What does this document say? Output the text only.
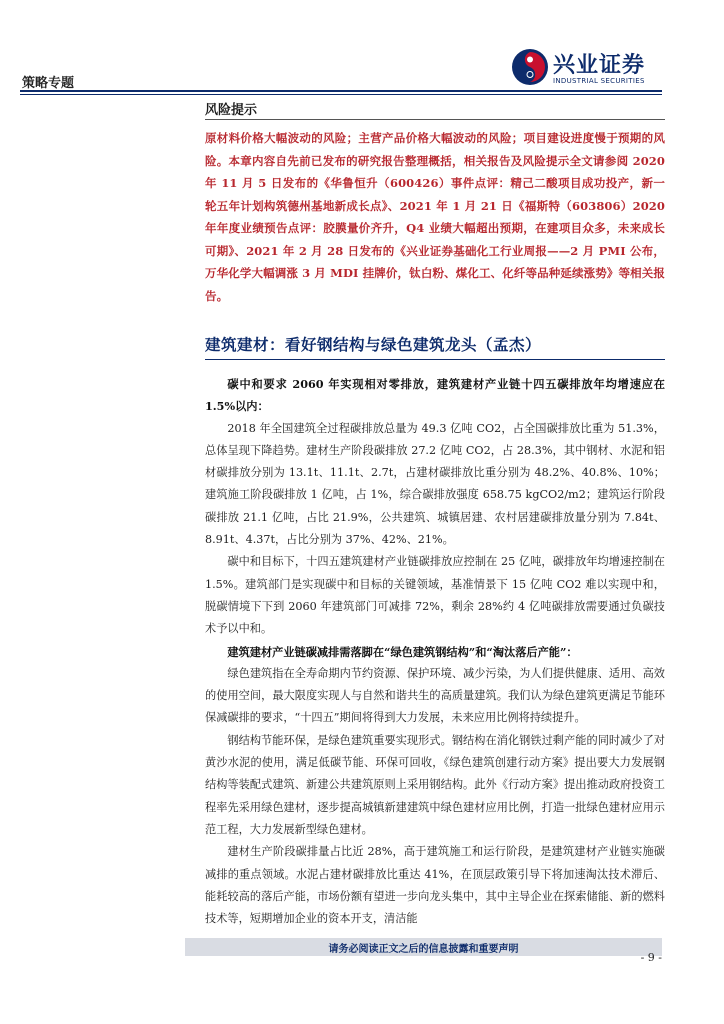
策略专题
兴业证券
INDUSTRIAL SECURITIES
风险提示
原材料价格大幅波动的风险；主营产品价格大幅波动的风险；项目建设进度慢于预期的风险。本章内容自先前已发布的研究报告整理概括，相关报告及风险提示全文请参阅 2020 年 11 月 5 日发布的《华鲁恒升（600426）事件点评：精己二酸项目成功投产，新一轮五年计划构筑德州基地新成长点》、2021 年 1 月 21 日《福斯特（603806）2020 年年度业绩预告点评：胶膜量价齐升，Q4 业绩大幅超出预期，在建项目众多，未来成长可期》、2021 年 2 月 28 日发布的《兴业证券基础化工行业周报——2 月 PMI 公布，万华化学大幅调涨 3 月 MDI 挂牌价，钛白粉、煤化工、化纤等品种延续涨势》等相关报告。
建筑建材：看好钢结构与绿色建筑龙头（孟杰）

碳中和要求 2060 年实现相对零排放，建筑建材产业链十四五碳排放年均增速应在 1.5%以内：

2018 年全国建筑全过程碳排放总量为 49.3 亿吨 CO2，占全国碳排放比重为 51.3%，总体呈现下降趋势。建材生产阶段碳排放 27.2 亿吨 CO2，占 28.3%，其中钢材、水泥和铝材碳排放分别为 13.1t、11.1t、2.7t，占建材碳排放比重分别为 48.2%、40.8%、10%；建筑施工阶段碳排放 1 亿吨，占 1%，综合碳排放强度 658.75 kgCO2/m2；建筑运行阶段碳排放 21.1 亿吨，占比 21.9%，公共建筑、城镇居建、农村居建碳排放量分别为 7.84t、8.91t、4.37t，占比分别为 37%、42%、21%。

碳中和目标下，十四五建筑建材产业链碳排放应控制在 25 亿吨，碳排放年均增速控制在 1.5%。建筑部门是实现碳中和目标的关键领域，基准情景下 15 亿吨 CO2 难以实现中和，脱碳情境下下到 2060 年建筑部门可减排 72%，剩余 28%约 4 亿吨碳排放需要通过负碳技术予以中和。

建筑建材产业链碳减排需落脚在“绿色建筑钢结构”和“淘汰落后产能”：

绿色建筑指在全寿命期内节约资源、保护环境、减少污染，为人们提供健康、适用、高效的使用空间，最大限度实现人与自然和谐共生的高质量建筑。我们认为绿色建筑更满足节能环保减碳排的要求，“十四五”期间将得到大力发展，未来应用比例将持续提升。

钢结构节能环保，是绿色建筑重要实现形式。钢结构在消化钢铁过剩产能的同时减少了对黄沙水泥的使用，满足低碳节能、环保可回收，《绿色建筑创建行动方案》提出要大力发展钢结构等装配式建筑、新建公共建筑原则上采用钢结构。此外《行动方案》提出推动政府投资工程率先采用绿色建材，逐步提高城镇新建建筑中绿色建材应用比例，打造一批绿色建材应用示范工程，大力发展新型绿色建材。

建材生产阶段碳排量占比近 28%，高于建筑施工和运行阶段，是建筑建材产业链实施碳减排的重点领域。水泥占建材碳排放比重达 41%，在顶层政策引导下将加速淘汰技术滞后、能耗较高的落后产能，市场份额有望进一步向龙头集中，其中主导企业在探索储能、新的燃料技术等，短期增加企业的资本开支，清洁能

请务必阅读正文之后的信息披露和重要声明
- 9 -
